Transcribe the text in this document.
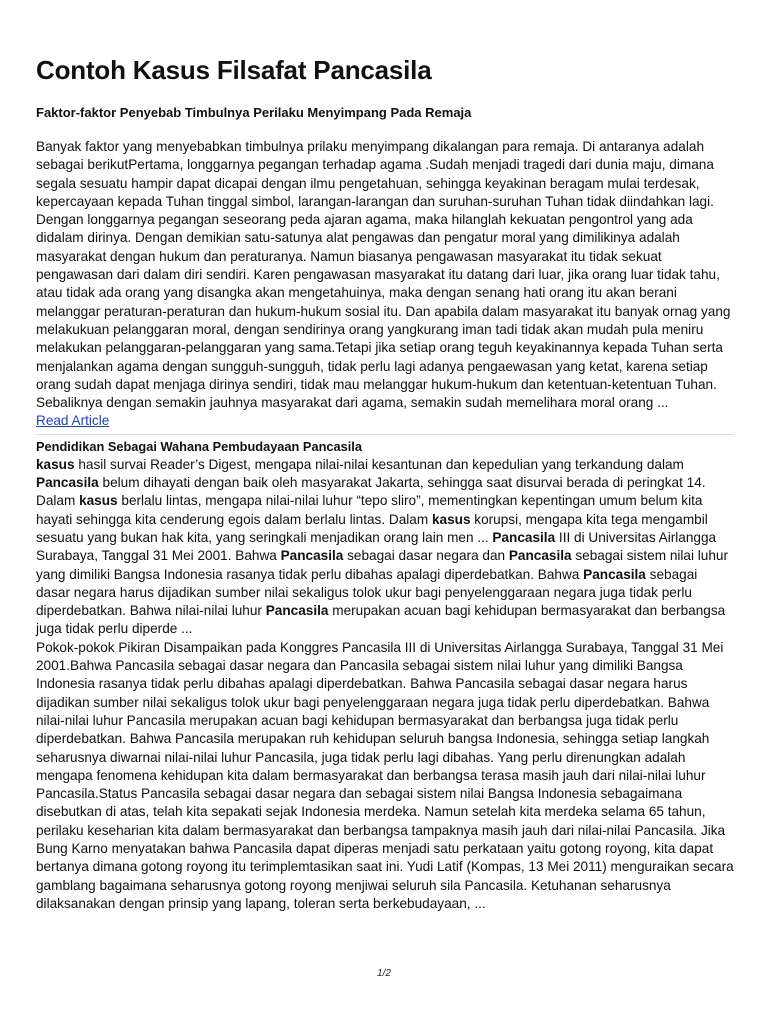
Contoh Kasus Filsafat Pancasila
Faktor-faktor Penyebab Timbulnya Perilaku Menyimpang Pada Remaja

Banyak faktor yang menyebabkan timbulnya prilaku menyimpang dikalangan para remaja. Di antaranya adalah sebagai berikutPertama, longgarnya pegangan terhadap agama .Sudah menjadi tragedi dari dunia maju, dimana segala sesuatu hampir dapat dicapai dengan ilmu pengetahuan, sehingga keyakinan beragam mulai terdesak, kepercayaan kepada Tuhan tinggal simbol, larangan-larangan dan suruhan-suruhan Tuhan tidak diindahkan lagi. Dengan longgarnya pegangan seseorang peda ajaran agama, maka hilanglah kekuatan pengontrol yang ada didalam dirinya. Dengan demikian satu-satunya alat pengawas dan pengatur moral yang dimilikinya adalah masyarakat dengan hukum dan peraturanya. Namun biasanya pengawasan masyarakat itu tidak sekuat pengawasan dari dalam diri sendiri. Karen pengawasan masyarakat itu datang dari luar, jika orang luar tidak tahu, atau tidak ada orang yang disangka akan mengetahuinya, maka dengan senang hati orang itu akan berani melanggar peraturan-peraturan dan hukum-hukum sosial itu. Dan apabila dalam masyarakat itu banyak ornag yang melakukuan pelanggaran moral, dengan sendirinya orang yangkurang iman tadi tidak akan mudah pula meniru melakukan pelanggaran-pelanggaran yang sama.Tetapi jika setiap orang teguh keyakinannya kepada Tuhan serta menjalankan agama dengan sungguh-sungguh, tidak perlu lagi adanya pengaewasan yang ketat, karena setiap orang sudah dapat menjaga dirinya sendiri, tidak mau melanggar hukum-hukum dan ketentuan-ketentuan Tuhan. Sebaliknya dengan semakin jauhnya masyarakat dari agama, semakin sudah memelihara moral orang ...

Read Article
Pendidikan Sebagai Wahana Pembudayaan Pancasila

kasus hasil survai Reader’s Digest, mengapa nilai-nilai kesantunan dan kepedulian yang terkandung dalam Pancasila belum dihayati dengan baik oleh masyarakat Jakarta, sehingga saat disurvai berada di peringkat 14. Dalam kasus berlalu lintas, mengapa nilai-nilai luhur “tepo sliro”, mementingkan kepentingan umum belum kita hayati sehingga kita cenderung egois dalam berlalu lintas. Dalam kasus korupsi, mengapa kita tega mengambil sesuatu yang bukan hak kita, yang seringkali menjadikan orang lain men ... Pancasila III di Universitas Airlangga Surabaya, Tanggal 31 Mei 2001. Bahwa Pancasila sebagai dasar negara dan Pancasila sebagai sistem nilai luhur yang dimiliki Bangsa Indonesia rasanya tidak perlu dibahas apalagi diperdebatkan. Bahwa Pancasila sebagai dasar negara harus dijadikan sumber nilai sekaligus tolok ukur bagi penyelenggaraan negara juga tidak perlu diperdebatkan. Bahwa nilai-nilai luhur Pancasila merupakan acuan bagi kehidupan bermasyarakat dan berbangsa juga tidak perlu diperde ...

Pokok-pokok Pikiran Disampaikan pada Konggres Pancasila III di Universitas Airlangga Surabaya, Tanggal 31 Mei 2001.Bahwa Pancasila sebagai dasar negara dan Pancasila sebagai sistem nilai luhur yang dimiliki Bangsa Indonesia rasanya tidak perlu dibahas apalagi diperdebatkan. Bahwa Pancasila sebagai dasar negara harus dijadikan sumber nilai sekaligus tolok ukur bagi penyelenggaraan negara juga tidak perlu diperdebatkan. Bahwa nilai-nilai luhur Pancasila merupakan acuan bagi kehidupan bermasyarakat dan berbangsa juga tidak perlu diperdebatkan. Bahwa Pancasila merupakan ruh kehidupan seluruh bangsa Indonesia, sehingga setiap langkah seharusnya diwarnai nilai-nilai luhur Pancasila, juga tidak perlu lagi dibahas. Yang perlu direnungkan adalah mengapa fenomena kehidupan kita dalam bermasyarakat dan berbangsa terasa masih jauh dari nilai-nilai luhur Pancasila.Status Pancasila sebagai dasar negara dan sebagai sistem nilai Bangsa Indonesia sebagaimana disebutkan di atas, telah kita sepakati sejak Indonesia merdeka. Namun setelah kita merdeka selama 65 tahun, perilaku keseharian kita dalam bermasyarakat dan berbangsa tampaknya masih jauh dari nilai-nilai Pancasila. Jika Bung Karno menyatakan bahwa Pancasila dapat diperas menjadi satu perkataan yaitu gotong royong, kita dapat bertanya dimana gotong royong itu terimplemtasikan saat ini. Yudi Latif (Kompas, 13 Mei 2011) menguraikan secara gamblang bagaimana seharusnya gotong royong menjiwai seluruh sila Pancasila. Ketuhanan seharusnya dilaksanakan dengan prinsip yang lapang, toleran serta berkebudayaan, ...

1/2
